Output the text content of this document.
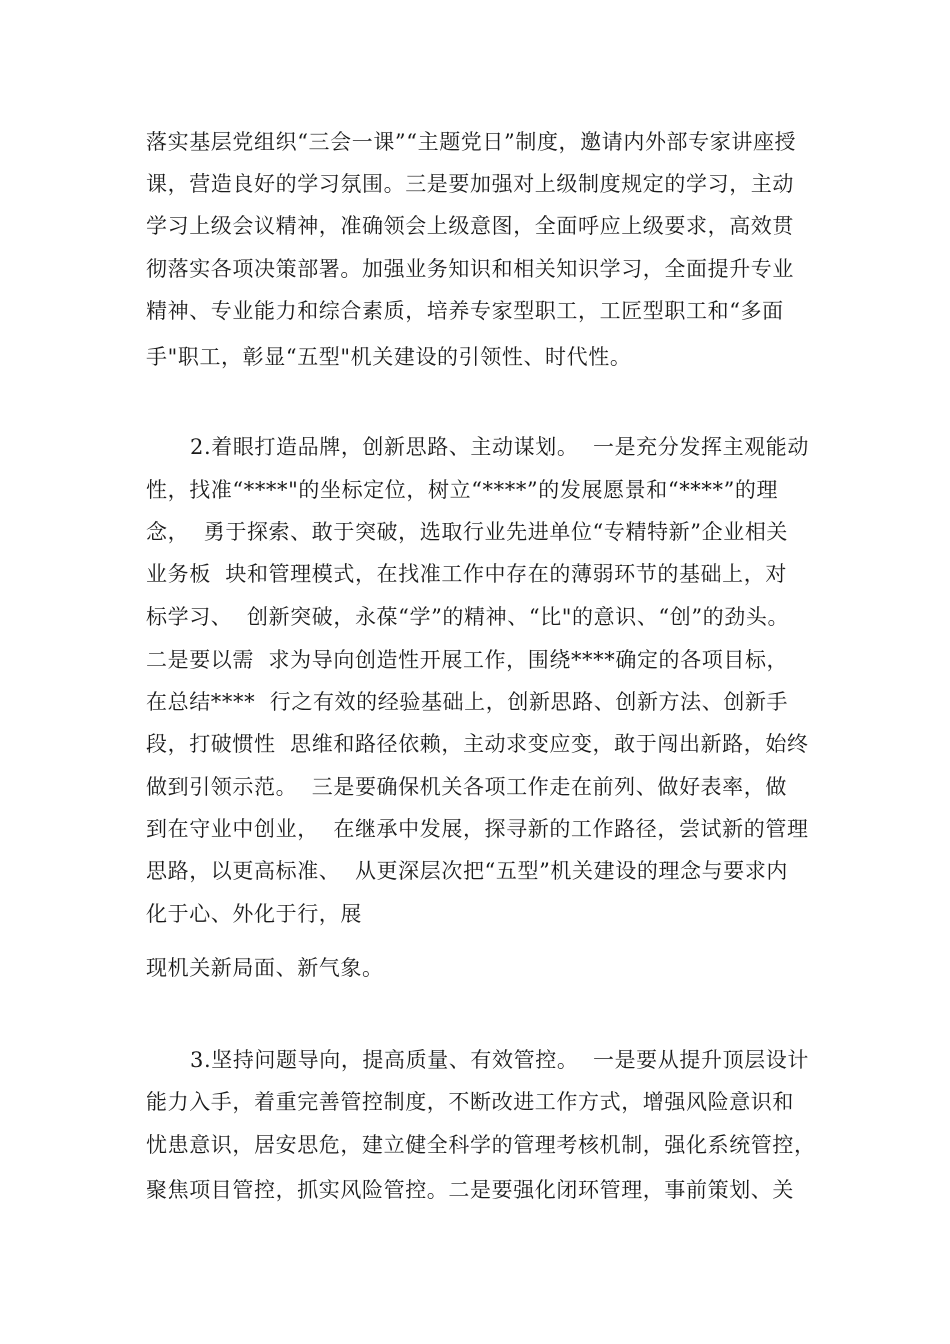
落实基层党组织“三会一课”“主题党日”制度，邀请内外部专家讲座授
课，营造良好的学习氛围。三是要加强对上级制度规定的学习，主动
学习上级会议精神，准确领会上级意图，全面呼应上级要求，高效贯
彻落实各项决策部署。加强业务知识和相关知识学习，全面提升专业
精神、专业能力和综合素质，培养专家型职工，工匠型职工和“多面
手"职工，彰显“五型"机关建设的引领性、时代性。
2.着眼打造品牌，创新思路、主动谋划。  一是充分发挥主观能动
性，找准“****"的坐标定位，树立“****”的发展愿景和“****”的理
念，  勇于探索、敢于突破，选取行业先进单位“专精特新”企业相关
业务板  块和管理模式，在找准工作中存在的薄弱环节的基础上，对
标学习、  创新突破，永葆“学”的精神、“比"的意识、“创”的劲头。
二是要以需  求为导向创造性开展工作，围绕****确定的各项目标，
在总结****  行之有效的经验基础上，创新思路、创新方法、创新手
段，打破惯性  思维和路径依赖，主动求变应变，敢于闯出新路，始终
做到引领示范。  三是要确保机关各项工作走在前列、做好表率，做
到在守业中创业，  在继承中发展，探寻新的工作路径，尝试新的管理
思路，以更高标准、  从更深层次把“五型”机关建设的理念与要求内
化于心、外化于行，展
现机关新局面、新气象。
3.坚持问题导向，提高质量、有效管控。  一是要从提升顶层设计
能力入手，着重完善管控制度，不断改进工作方式，增强风险意识和
忧患意识，居安思危，建立健全科学的管理考核机制，强化系统管控，
聚焦项目管控，抓实风险管控。二是要强化闭环管理，事前策划、关
